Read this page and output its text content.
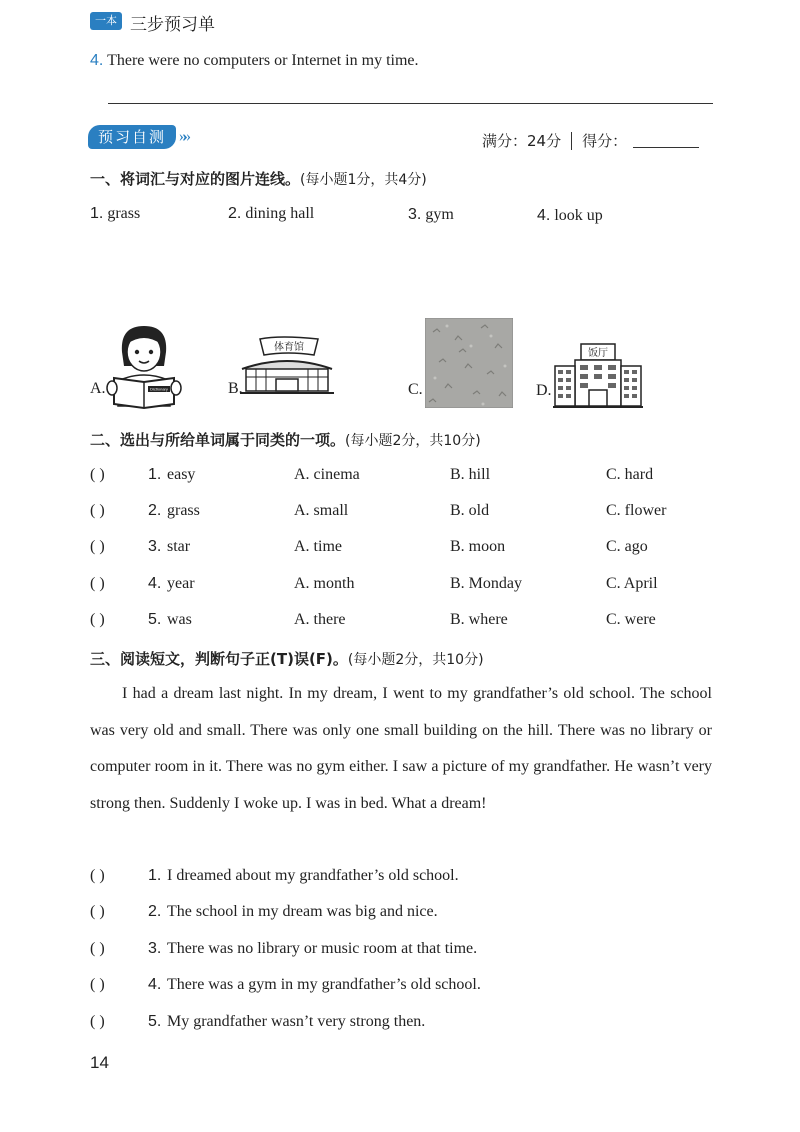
一本 三步预习单
4. There were no computers or Internet in my time.
预习自测 »»	满分：24分 得分：
一、将词汇与对应的图片连线。(每小题1分，共4分)
1. grass	2. dining hall	3. gym	4. look up
A.	Dictionary	B.
体育馆
C.	D.
饭厅
二、选出与所给单词属于同类的一项。(每小题2分，共10分)
( )	1. easy	A. cinema	B. hill	C. hard
( )	2. grass	A. small	B. old	C. flower
( )	3. star	A. time	B. moon	C. ago
( )	4. year	A. month	B. Monday	C. April
( )	5. was	A. there	B. where	C. were
三、阅读短文，判断句子正(T)误(F)。(每小题2分，共10分)
I had a dream last night. In my dream, I went to my grandfather’s old school. The school was very old and small. There was only one small building on the hill. There was no library or computer room in it. There was no gym either. I saw a picture of my grandfather. He wasn’t very strong then. Suddenly I woke up. I was in bed. What a dream!
( )	1. I dreamed about my grandfather’s old school.
( )	2. The school in my dream was big and nice.
( )	3. There was no library or music room at that time.
( )	4. There was a gym in my grandfather’s old school.
( )	5. My grandfather wasn’t very strong then.
14
